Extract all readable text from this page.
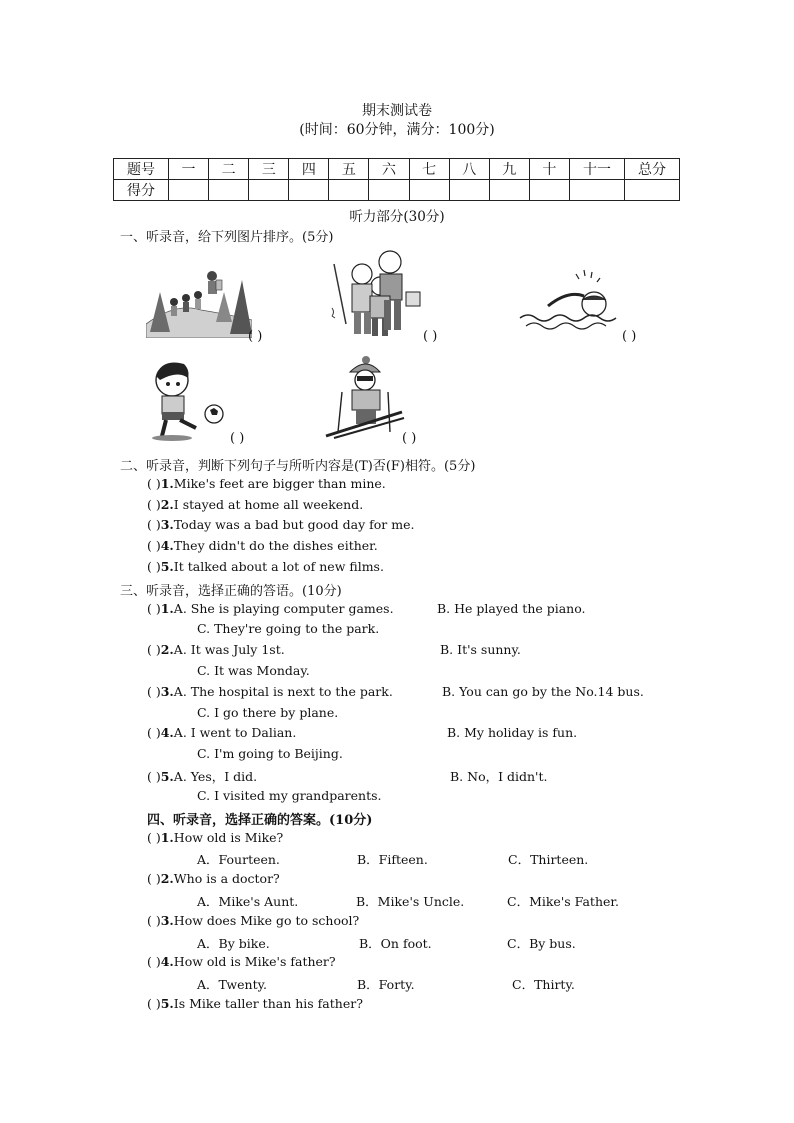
期末测试卷
(时间：60分钟，满分：100分)
题号	一	二	三	四	五	六	七	八	九	十	十一	总分
得分												
听力部分(30分)
一、听录音，给下列图片排序。(5分)
( )	( )	( )
( )	( )
二、听录音，判断下列句子与所听内容是(T)否(F)相符。(5分)
( )1.Mike's feet are bigger than mine.
( )2.I stayed at home all weekend.
( )3.Today was a bad but good day for me.
( )4.They didn't do the dishes either.
( )5.It talked about a lot of new films.
三、听录音，选择正确的答语。(10分)
( )1.A. She is playing computer games.	B. He played the piano.
C. They're going to the park.
( )2.A. It was July 1st.	B. It's sunny.
C. It was Monday.
( )3.A. The hospital is next to the park.	B. You can go by the No.14 bus.
C. I go there by plane.
( )4.A. I went to Dalian.	B. My holiday is fun.
C. I'm going to Beijing.
( )5.A. Yes，I did.	B. No，I didn't.
C. I visited my grandparents.
四、听录音，选择正确的答案。(10分)
( )1.How old is Mike?
A．Fourteen.	B．Fifteen.	C．Thirteen.
( )2.Who is a doctor?
A．Mike's Aunt.	B．Mike's Uncle.	C．Mike's Father.
( )3.How does Mike go to school?
A．By bike.	B．On foot.	C．By bus.
( )4.How old is Mike's father?
A．Twenty.	B．Forty.	C．Thirty.
( )5.Is Mike taller than his father?
